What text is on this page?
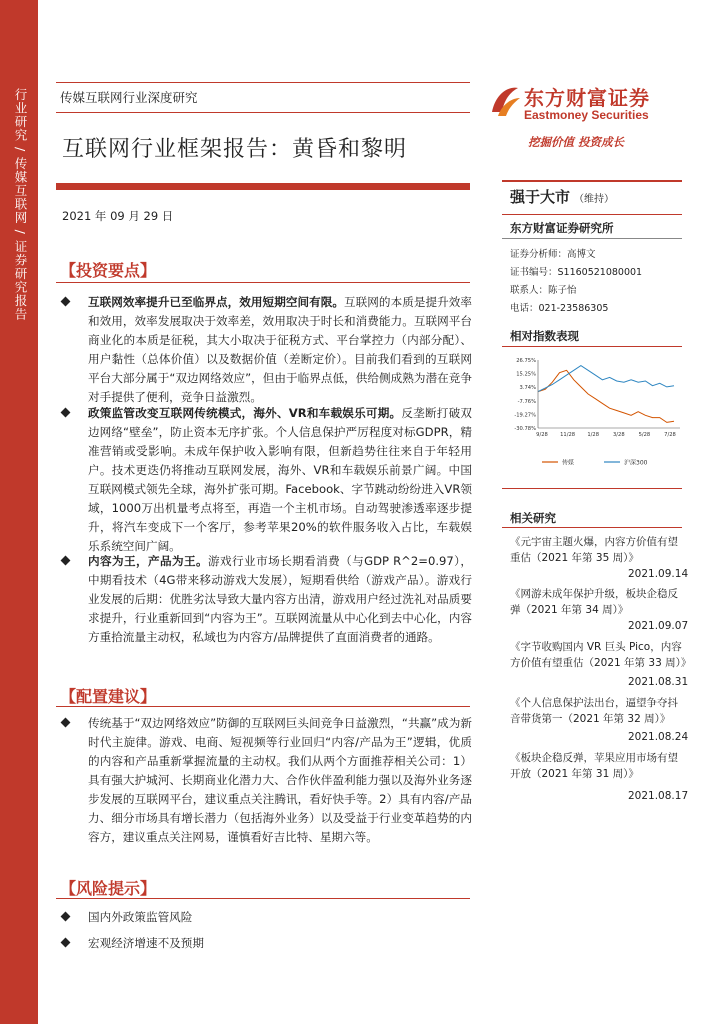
行业研究 / 传媒互联网 / 证券研究报告	传媒互联网行业深度研究	东方财富证券
Eastmoney Securities
挖掘价值 投资成长
互联网行业框架报告：黄昏和黎明
2021 年 09 月 29 日
【投资要点】
互联网效率提升已至临界点，效用短期空间有限。互联网的本质是提升效率和效用，效率发展取决于效率差，效用取决于时长和消费能力。互联网平台商业化的本质是征税，其大小取决于征税方式、平台掌控力（内部分配）、用户黏性（总体价值）以及数据价值（差断定价）。目前我们看到的互联网平台大部分属于“双边网络效应”，但由于临界点低，供给侧成熟为潜在竞争对手提供了便利，竞争日益激烈。
政策监管改变互联网传统模式，海外、VR和车载娱乐可期。反垄断打破双边网络“壁垒”，防止资本无序扩张。个人信息保护严厉程度对标GDPR，精准营销或受影响。未成年保护收入影响有限，但新趋势往往来自于年轻用户。技术更迭仍将推动互联网发展，海外、VR和车载娱乐前景广阔。中国互联网模式领先全球，海外扩张可期。Facebook、字节跳动纷纷进入VR领域，1000万出机量考点将至，再造一个主机市场。自动驾驶渗透率逐步提升，将汽车变成下一个客厅，参考苹果20%的软件服务收入占比，车载娱乐系统空间广阔。
内容为王，产品为王。游戏行业市场长期看消费（与GDP R^2=0.97），中期看技术（4G带来移动游戏大发展），短期看供给（游戏产品）。游戏行业发展的后期：优胜劣汰导致大量内容方出清，游戏用户经过洗礼对品质要求提升，行业重新回到“内容为王”。互联网流量从中心化到去中心化，内容方重拾流量主动权，私域也为内容方/品牌提供了直面消费者的通路。
【配置建议】
传统基于“双边网络效应”防御的互联网巨头间竞争日益激烈，“共赢”成为新时代主旋律。游戏、电商、短视频等行业回归“内容/产品为王”逻辑，优质的内容和产品重新掌握流量的主动权。我们从两个方面推荐相关公司：1）具有强大护城河、长期商业化潜力大、合作伙伴盈利能力强以及海外业务逐步发展的互联网平台，建议重点关注腾讯，看好快手等。2）具有内容/产品力、细分市场具有增长潜力（包括海外业务）以及受益于行业变革趋势的内容方，建议重点关注网易，谨慎看好吉比特、星期六等。
【风险提示】
国内外政策监管风险
宏观经济增速不及预期
强于大市 （维持）
东方财富证券研究所
证券分析师：高博文
证书编号：S1160521080001
联系人：陈子怡
电话：021-23586305
相对指数表现
26.75%
15.25%
3.74%
-7.76%
-19.27%
-30.78%
9/28 11/28 1/28	3/28	5/28	7/28
传媒	沪深300
相关研究
《元宇宙主题火爆，内容方价值有望重估（2021 年第 35 周）》
2021.09.14
《网游未成年保护升级，板块企稳反弹（2021 年第 34 周）》
2021.09.07
《字节收购国内 VR 巨头 Pico，内容方价值有望重估（2021 年第 33 周）》
2021.08.31
《个人信息保护法出台，逼望争夺抖音带货第一（2021 年第 32 周）》
2021.08.24
《板块企稳反弹，苹果应用市场有望开放（2021 年第 31 周）》
2021.08.17
